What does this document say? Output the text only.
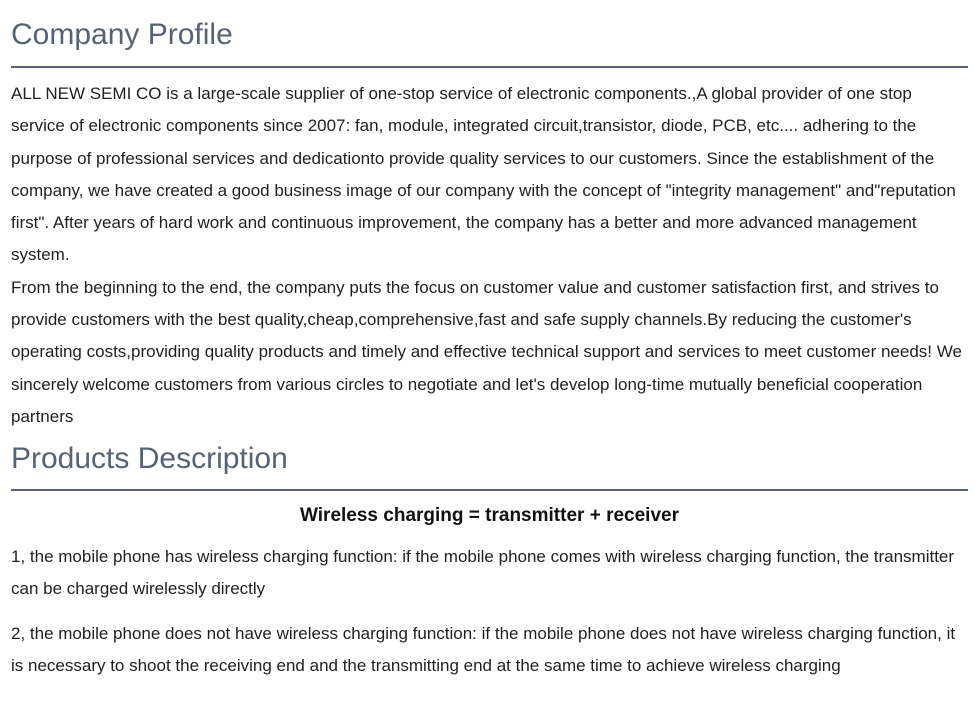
Company Profile

ALL NEW SEMI CO is a large-scale supplier of one-stop service of electronic components.,A global provider of one stop service of electronic components since 2007: fan, module, integrated circuit,transistor, diode, PCB, etc.... adhering to the purpose of professional services and dedicationto provide quality services to our customers. Since the establishment of the company, we have created a good business image of our company with the concept of "integrity management" and"reputation first". After years of hard work and continuous improvement, the company has a better and more advanced management system.

From the beginning to the end, the company puts the focus on customer value and customer satisfaction first, and strives to provide customers with the best quality,cheap,comprehensive,fast and safe supply channels.By reducing the customer's operating costs,providing quality products and timely and effective technical support and services to meet customer needs! We sincerely welcome customers from various circles to negotiate and let's develop long-time mutually beneficial cooperation partners

Products Description

Wireless charging = transmitter + receiver

1, the mobile phone has wireless charging function: if the mobile phone comes with wireless charging function, the transmitter can be charged wirelessly directly

2, the mobile phone does not have wireless charging function: if the mobile phone does not have wireless charging function, it is necessary to shoot the receiving end and the transmitting end at the same time to achieve wireless charging
